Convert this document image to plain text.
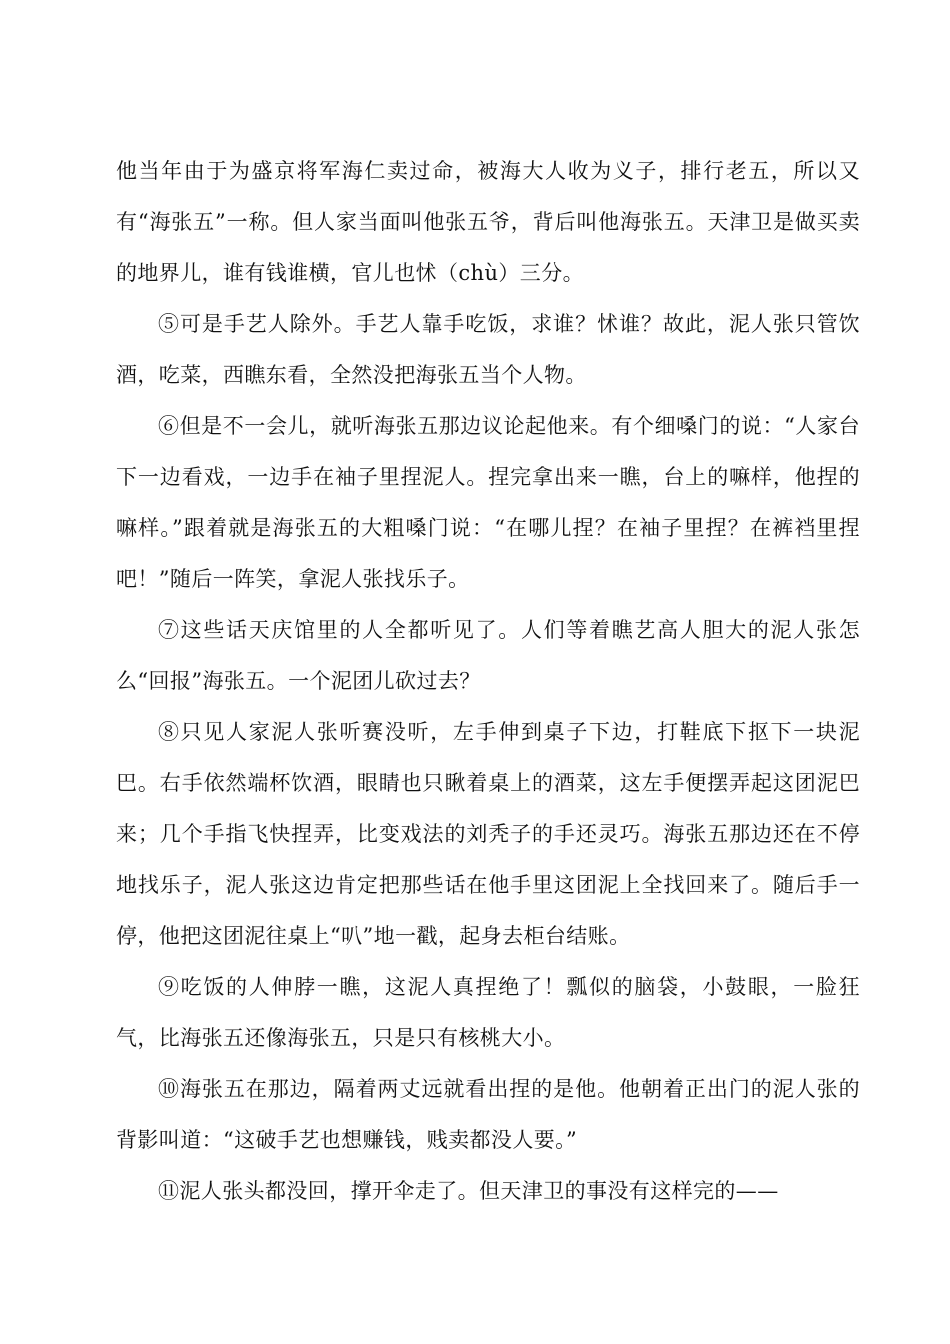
他当年由于为盛京将军海仁卖过命，被海大人收为义子，排行老五，所以又有“海张五”一称。但人家当面叫他张五爷，背后叫他海张五。天津卫是做买卖的地界儿，谁有钱谁横，官儿也怵（chù）三分。

⑤可是手艺人除外。手艺人靠手吃饭，求谁？怵谁？故此，泥人张只管饮酒，吃菜，西瞧东看，全然没把海张五当个人物。

⑥但是不一会儿，就听海张五那边议论起他来。有个细嗓门的说：“人家台下一边看戏，一边手在袖子里捏泥人。捏完拿出来一瞧，台上的嘛样，他捏的嘛样。”跟着就是海张五的大粗嗓门说：“在哪儿捏？在袖子里捏？在裤裆里捏吧！”随后一阵笑，拿泥人张找乐子。

⑦这些话天庆馆里的人全都听见了。人们等着瞧艺高人胆大的泥人张怎么“回报”海张五。一个泥团儿砍过去？

⑧只见人家泥人张听赛没听，左手伸到桌子下边，打鞋底下抠下一块泥巴。右手依然端杯饮酒，眼睛也只瞅着桌上的酒菜，这左手便摆弄起这团泥巴来；几个手指飞快捏弄，比变戏法的刘秃子的手还灵巧。海张五那边还在不停地找乐子，泥人张这边肯定把那些话在他手里这团泥上全找回来了。随后手一停，他把这团泥往桌上“叭”地一戳，起身去柜台结账。

⑨吃饭的人伸脖一瞧，这泥人真捏绝了！瓢似的脑袋，小鼓眼，一脸狂气，比海张五还像海张五，只是只有核桃大小。

⑩海张五在那边，隔着两丈远就看出捏的是他。他朝着正出门的泥人张的背影叫道：“这破手艺也想赚钱，贱卖都没人要。”

⑪泥人张头都没回，撑开伞走了。但天津卫的事没有这样完的——
